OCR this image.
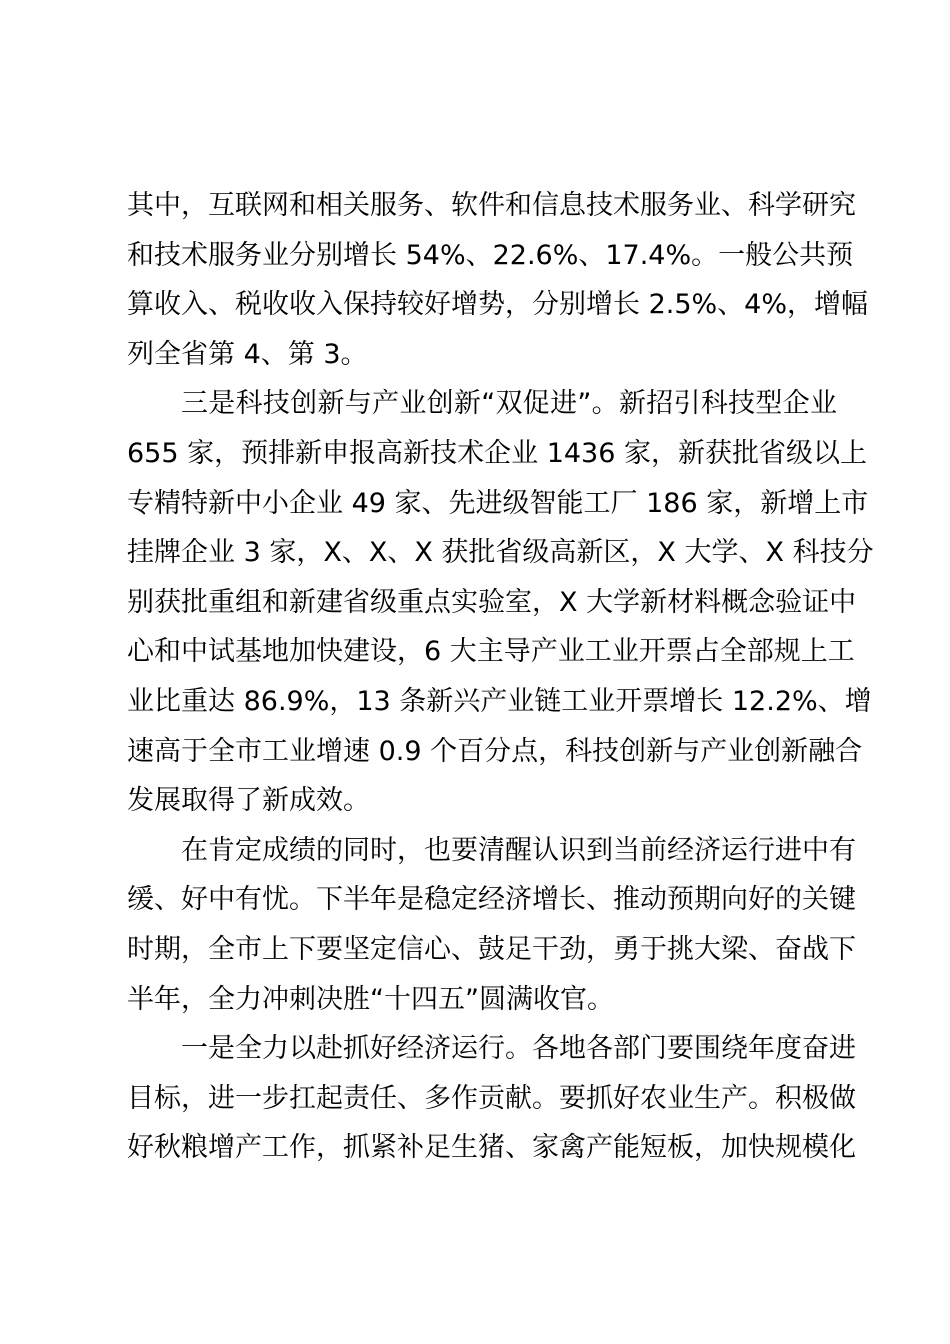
其中，互联网和相关服务、软件和信息技术服务业、科学研究
和技术服务业分别增长 54%、22.6%、17.4%。一般公共预
算收入、税收收入保持较好增势，分别增长 2.5%、4%，增幅
列全省第 4、第 3。
三是科技创新与产业创新“双促进”。新招引科技型企业
655 家，预排新申报高新技术企业 1436 家，新获批省级以上
专精特新中小企业 49 家、先进级智能工厂 186 家，新增上市
挂牌企业 3 家，X、X、X 获批省级高新区，X 大学、X 科技分
别获批重组和新建省级重点实验室，X 大学新材料概念验证中
心和中试基地加快建设，6 大主导产业工业开票占全部规上工
业比重达 86.9%，13 条新兴产业链工业开票增长 12.2%、增
速高于全市工业增速 0.9 个百分点，科技创新与产业创新融合
发展取得了新成效。
在肯定成绩的同时，也要清醒认识到当前经济运行进中有
缓、好中有忧。下半年是稳定经济增长、推动预期向好的关键
时期，全市上下要坚定信心、鼓足干劲，勇于挑大梁、奋战下
半年，全力冲刺决胜“十四五”圆满收官。
一是全力以赴抓好经济运行。各地各部门要围绕年度奋进
目标，进一步扛起责任、多作贡献。要抓好农业生产。积极做
好秋粮增产工作，抓紧补足生猪、家禽产能短板，加快规模化
